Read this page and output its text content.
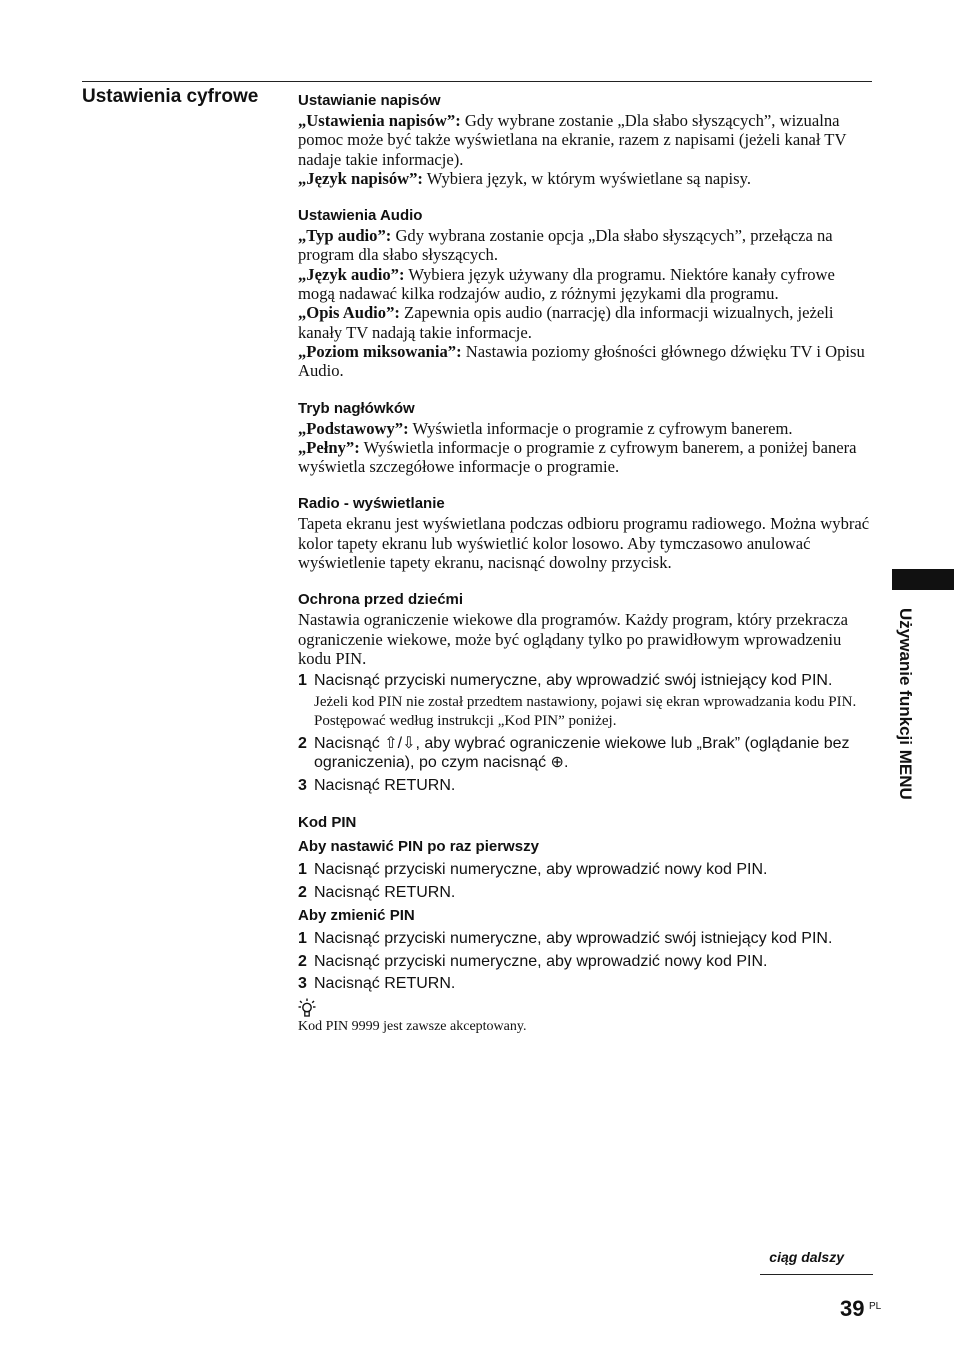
Ustawienia cyfrowe	Ustawianie napisów

„Ustawienia napisów”: Gdy wybrane zostanie „Dla słabo słyszących”, wizualna pomoc może być także wyświetlana na ekranie, razem z napisami (jeżeli kanał TV nadaje takie informacje).

„Język napisów”: Wybiera język, w którym wyświetlane są napisy.

Ustawienia Audio

„Typ audio”: Gdy wybrana zostanie opcja „Dla słabo słyszących”, przełącza na program dla słabo słyszących.

„Język audio”: Wybiera język używany dla programu. Niektóre kanały cyfrowe mogą nadawać kilka rodzajów audio, z różnymi językami dla programu.

„Opis Audio”: Zapewnia opis audio (narrację) dla informacji wizualnych, jeżeli kanały TV nadają takie informacje.

„Poziom miksowania”: Nastawia poziomy głośności głównego dźwięku TV i Opisu Audio.

Tryb nagłówków

„Podstawowy”: Wyświetla informacje o programie z cyfrowym banerem.

„Pełny”: Wyświetla informacje o programie z cyfrowym banerem, a poniżej banera wyświetla szczegółowe informacje o programie.

Radio - wyświetlanie

Tapeta ekranu jest wyświetlana podczas odbioru programu radiowego. Można wybrać kolor tapety ekranu lub wyświetlić kolor losowo. Aby tymczasowo anulować wyświetlenie tapety ekranu, nacisnąć dowolny przycisk.

Ochrona przed dziećmi

Nastawia ograniczenie wiekowe dla programów. Każdy program, który przekracza ograniczenie wiekowe, może być oglądany tylko po prawidłowym wprowadzeniu kodu PIN.

1 Nacisnąć przyciski numeryczne, aby wprowadzić swój istniejący kod PIN.

Jeżeli kod PIN nie został przedtem nastawiony, pojawi się ekran wprowadzania kodu PIN. Postępować według instrukcji „Kod PIN” poniżej.

2 Nacisnąć ⇧/⇩, aby wybrać ograniczenie wiekowe lub „Brak” (oglądanie bez ograniczenia), po czym nacisnąć ⊕.
3 Nacisnąć RETURN.
Kod PIN
Aby nastawić PIN po raz pierwszy
1 Nacisnąć przyciski numeryczne, aby wprowadzić nowy kod PIN.
2 Nacisnąć RETURN.
Aby zmienić PIN
1 Nacisnąć przyciski numeryczne, aby wprowadzić swój istniejący kod PIN.
2 Nacisnąć przyciski numeryczne, aby wprowadzić nowy kod PIN.
3 Nacisnąć RETURN.
Kod PIN 9999 jest zawsze akceptowany.
Używanie funkcji MENU
ciąg dalszy
39 PL
